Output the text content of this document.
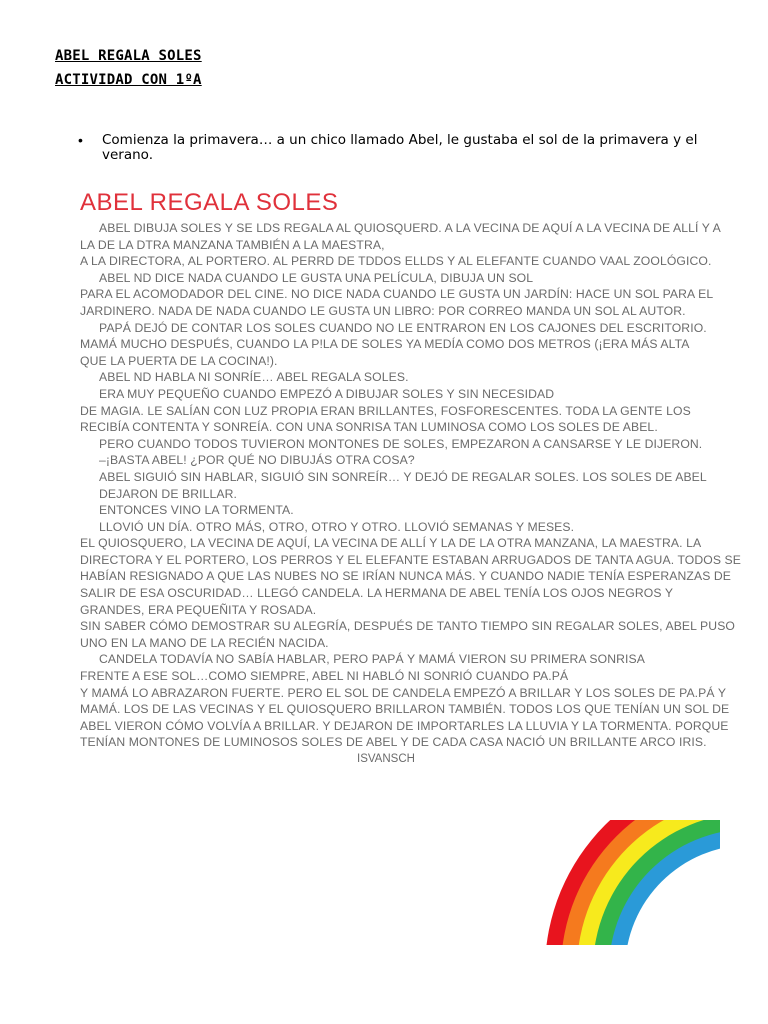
ABEL REGALA SOLES
ACTIVIDAD CON 1ºA
• Comienza la primavera… a un chico llamado Abel, le gustaba el sol de la primavera y el verano.
ABEL REGALA SOLES
ABEL DIBUJA SOLES Y SE LDS REGALA AL QUIOSQUERD. A LA VECINA DE AQUÍ A LA VECINA DE ALLÍ Y A
LA DE LA DTRA MANZANA TAMBIÉN A LA MAESTRA,
A LA DIRECTORA, AL PORTERO. AL PERRD DE TDDOS ELLDS Y AL ELEFANTE CUANDO VAAL ZOOLÓGICO.
ABEL ND DICE NADA CUANDO LE GUSTA UNA PELÍCULA, DIBUJA UN SOL
PARA EL ACOMODADOR DEL CINE. NO DICE NADA CUANDO LE GUSTA UN JARDÍN: HACE UN SOL PARA EL
JARDINERO. NADA DE NADA CUANDO LE GUSTA UN LIBRO: POR CORREO MANDA UN SOL AL AUTOR.
PAPÁ DEJÓ DE CONTAR LOS SOLES CUANDO NO LE ENTRARON EN LOS CAJONES DEL ESCRITORIO.
MAMÁ MUCHO DESPUÉS, CUANDO LA P!LA DE SOLES YA MEDÍA COMO DOS METROS (¡ERA MÁS ALTA
QUE LA PUERTA DE LA COCINA!).
ABEL ND HABLA NI SONRÍE… ABEL REGALA SOLES.
ERA MUY PEQUEÑO CUANDO EMPEZÓ A DIBUJAR SOLES Y SIN NECESIDAD
DE MAGIA. LE SALÍAN CON LUZ PROPIA ERAN BRILLANTES, FOSFORESCENTES. TODA LA GENTE LOS
RECIBÍA CONTENTA Y SONREÍA. CON UNA SONRISA TAN LUMINOSA COMO LOS SOLES DE ABEL.
PERO CUANDO TODOS TUVIERON MONTONES DE SOLES, EMPEZARON A CANSARSE Y LE DIJERON.
–¡BASTA ABEL! ¿POR QUÉ NO DIBUJÁS OTRA COSA?
ABEL SIGUIÓ SIN HABLAR, SIGUIÓ SIN SONREÍR… Y DEJÓ DE REGALAR SOLES. LOS SOLES DE ABEL
DEJARON DE BRILLAR.
ENTONCES VINO LA TORMENTA.
LLOVIÓ UN DÍA. OTRO MÁS, OTRO, OTRO Y OTRO. LLOVIÓ SEMANAS Y MESES.
EL QUIOSQUERO, LA VECINA DE AQUÍ, LA VECINA DE ALLÍ Y LA DE LA OTRA MANZANA, LA MAESTRA. LA
DIRECTORA Y EL PORTERO, LOS PERROS Y EL ELEFANTE ESTABAN ARRUGADOS DE TANTA AGUA. TODOS SE
HABÍAN RESIGNADO A QUE LAS NUBES NO SE IRÍAN NUNCA MÁS. Y CUANDO NADIE TENÍA ESPERANZAS DE
SALIR DE ESA OSCURIDAD… LLEGÓ CANDELA. LA HERMANA DE ABEL TENÍA LOS OJOS NEGROS Y
GRANDES, ERA PEQUEÑITA Y ROSADA.
SIN SABER CÓMO DEMOSTRAR SU ALEGRÍA, DESPUÉS DE TANTO TIEMPO SIN REGALAR SOLES, ABEL PUSO
UNO EN LA MANO DE LA RECIÉN NACIDA.
CANDELA TODAVÍA NO SABÍA HABLAR, PERO PAPÁ Y MAMÁ VIERON SU PRIMERA SONRISA
FRENTE A ESE SOL…COMO SIEMPRE, ABEL NI HABLÓ NI SONRIÓ CUANDO PA.PÁ
Y MAMÁ LO ABRAZARON FUERTE. PERO EL SOL DE CANDELA EMPEZÓ A BRILLAR Y LOS SOLES DE PA.PÁ Y
MAMÁ. LOS DE LAS VECINAS Y EL QUIOSQUERO BRILLARON TAMBIÉN. TODOS LOS QUE TENÍAN UN SOL DE
ABEL VIERON CÓMO VOLVÍA A BRILLAR. Y DEJARON DE IMPORTARLES LA LLUVIA Y LA TORMENTA. PORQUE
TENÍAN MONTONES DE LUMINOSOS SOLES DE ABEL Y DE CADA CASA NACIÓ UN BRILLANTE ARCO IRIS.
ISVANSCH
